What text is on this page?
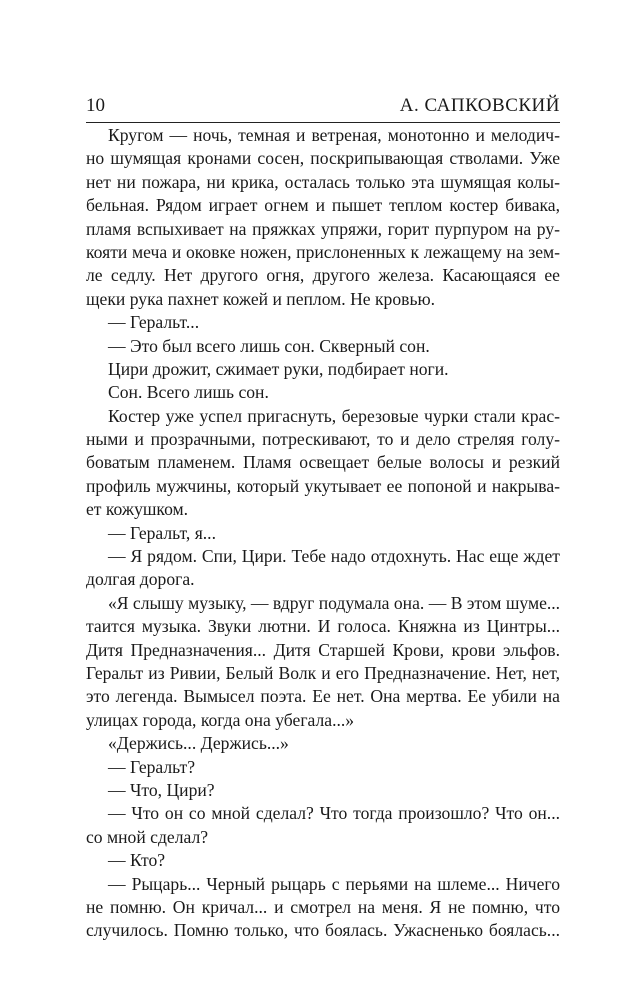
10	А. САПКОВСКИЙ
Кругом — ночь, темная и ветреная, монотонно и мелодич-
но шумящая кронами сосен, поскрипывающая стволами. Уже
нет ни пожара, ни крика, осталась только эта шумящая колы-
бельная. Рядом играет огнем и пышет теплом костер бивака,
пламя вспыхивает на пряжках упряжи, горит пурпуром на ру-
кояти меча и оковке ножен, прислоненных к лежащему на зем-
ле седлу. Нет другого огня, другого железа. Касающаяся ее
щеки рука пахнет кожей и пеплом. Не кровью.
— Геральт...
— Это был всего лишь сон. Скверный сон.
Цири дрожит, сжимает руки, подбирает ноги.
Сон. Всего лишь сон.
Костер уже успел пригаснуть, березовые чурки стали крас-
ными и прозрачными, потрескивают, то и дело стреляя голу-
боватым пламенем. Пламя освещает белые волосы и резкий
профиль мужчины, который укутывает ее попоной и накрыва-
ет кожушком.
— Геральт, я...
— Я рядом. Спи, Цири. Тебе надо отдохнуть. Нас еще ждет
долгая дорога.
«Я слышу музыку, — вдруг подумала она. — В этом шуме...
таится музыка. Звуки лютни. И голоса. Княжна из Цинтры...
Дитя Предназначения... Дитя Старшей Крови, крови эльфов.
Геральт из Ривии, Белый Волк и его Предназначение. Нет, нет,
это легенда. Вымысел поэта. Ее нет. Она мертва. Ее убили на
улицах города, когда она убегала...»
«Держись... Держись...»
— Геральт?
— Что, Цири?
— Что он со мной сделал? Что тогда произошло? Что он...
со мной сделал?
— Кто?
— Рыцарь... Черный рыцарь с перьями на шлеме... Ничего
не помню. Он кричал... и смотрел на меня. Я не помню, что
случилось. Помню только, что боялась. Ужасненько боялась...
